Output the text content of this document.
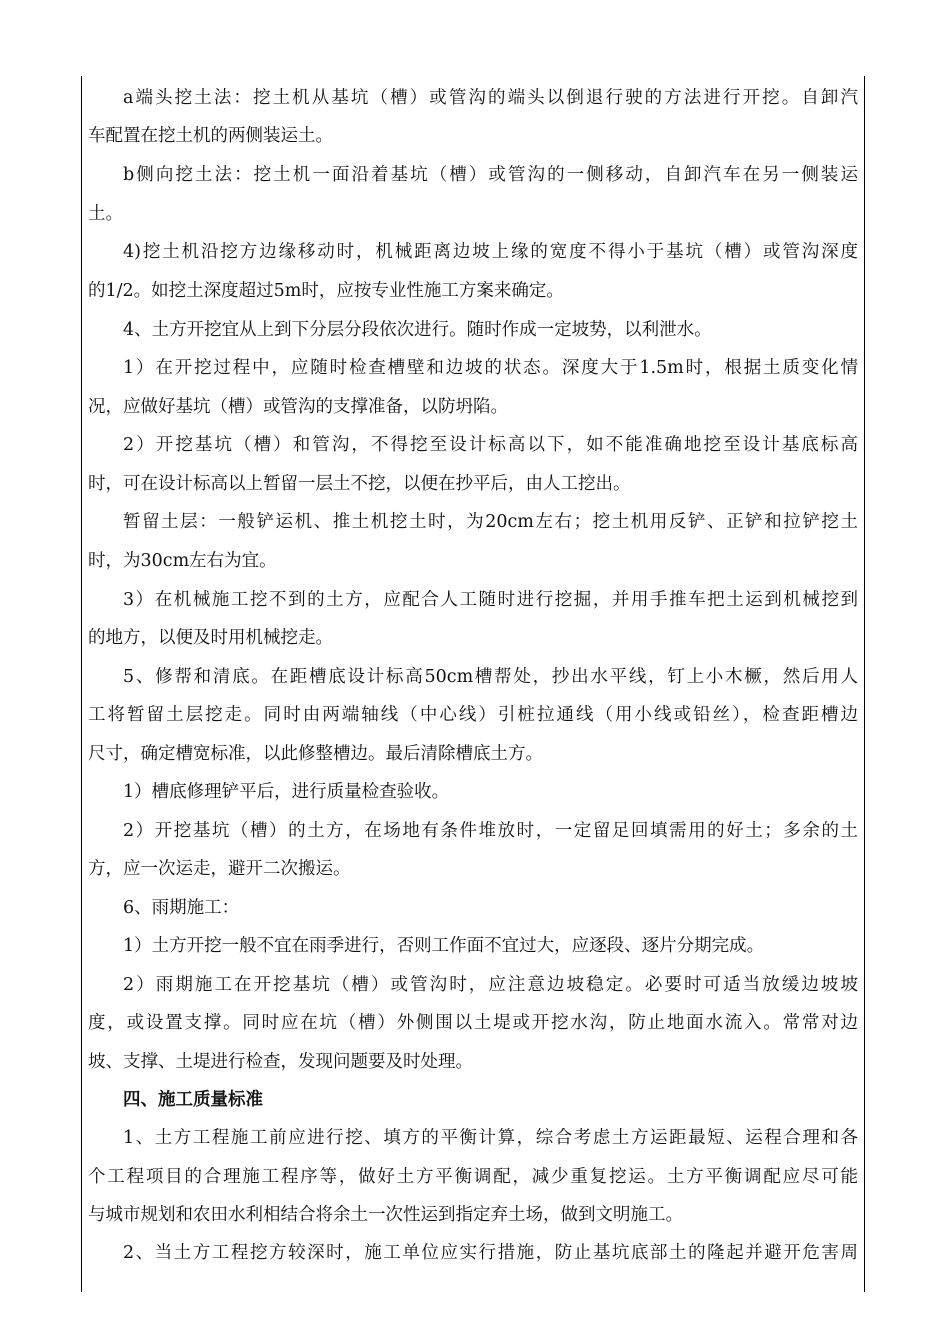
a端头挖土法：挖土机从基坑（槽）或管沟的端头以倒退行驶的方法进行开挖。自卸汽
车配置在挖土机的两侧装运土。
b侧向挖土法：挖土机一面沿着基坑（槽）或管沟的一侧移动，自卸汽车在另一侧装运
土。
4)挖土机沿挖方边缘移动时，机械距离边坡上缘的宽度不得小于基坑（槽）或管沟深度
的1/2。如挖土深度超过5m时，应按专业性施工方案来确定。
4、土方开挖宜从上到下分层分段依次进行。随时作成一定坡势，以利泄水。
1）在开挖过程中，应随时检查槽壁和边坡的状态。深度大于1.5m时，根据土质变化情
况，应做好基坑（槽）或管沟的支撑准备，以防坍陷。
2）开挖基坑（槽）和管沟，不得挖至设计标高以下，如不能准确地挖至设计基底标高
时，可在设计标高以上暂留一层土不挖，以便在抄平后，由人工挖出。
暂留土层：一般铲运机、推土机挖土时，为20cm左右；挖土机用反铲、正铲和拉铲挖土
时，为30cm左右为宜。
3）在机械施工挖不到的土方，应配合人工随时进行挖掘，并用手推车把土运到机械挖到
的地方，以便及时用机械挖走。
5、修帮和清底。在距槽底设计标高50cm槽帮处，抄出水平线，钉上小木橛，然后用人
工将暂留土层挖走。同时由两端轴线（中心线）引桩拉通线（用小线或铅丝），检查距槽边
尺寸，确定槽宽标准，以此修整槽边。最后清除槽底土方。
1）槽底修理铲平后，进行质量检查验收。
2）开挖基坑（槽）的土方，在场地有条件堆放时，一定留足回填需用的好土；多余的土
方，应一次运走，避开二次搬运。
6、雨期施工：
1）土方开挖一般不宜在雨季进行，否则工作面不宜过大，应逐段、逐片分期完成。
2）雨期施工在开挖基坑（槽）或管沟时，应注意边坡稳定。必要时可适当放缓边坡坡
度，或设置支撑。同时应在坑（槽）外侧围以土堤或开挖水沟，防止地面水流入。常常对边
坡、支撑、土堤进行检查，发现问题要及时处理。
四、施工质量标准
1、土方工程施工前应进行挖、填方的平衡计算，综合考虑土方运距最短、运程合理和各
个工程项目的合理施工程序等，做好土方平衡调配，减少重复挖运。土方平衡调配应尽可能
与城市规划和农田水利相结合将余土一次性运到指定弃土场，做到文明施工。
2、当土方工程挖方较深时，施工单位应实行措施，防止基坑底部土的隆起并避开危害周
